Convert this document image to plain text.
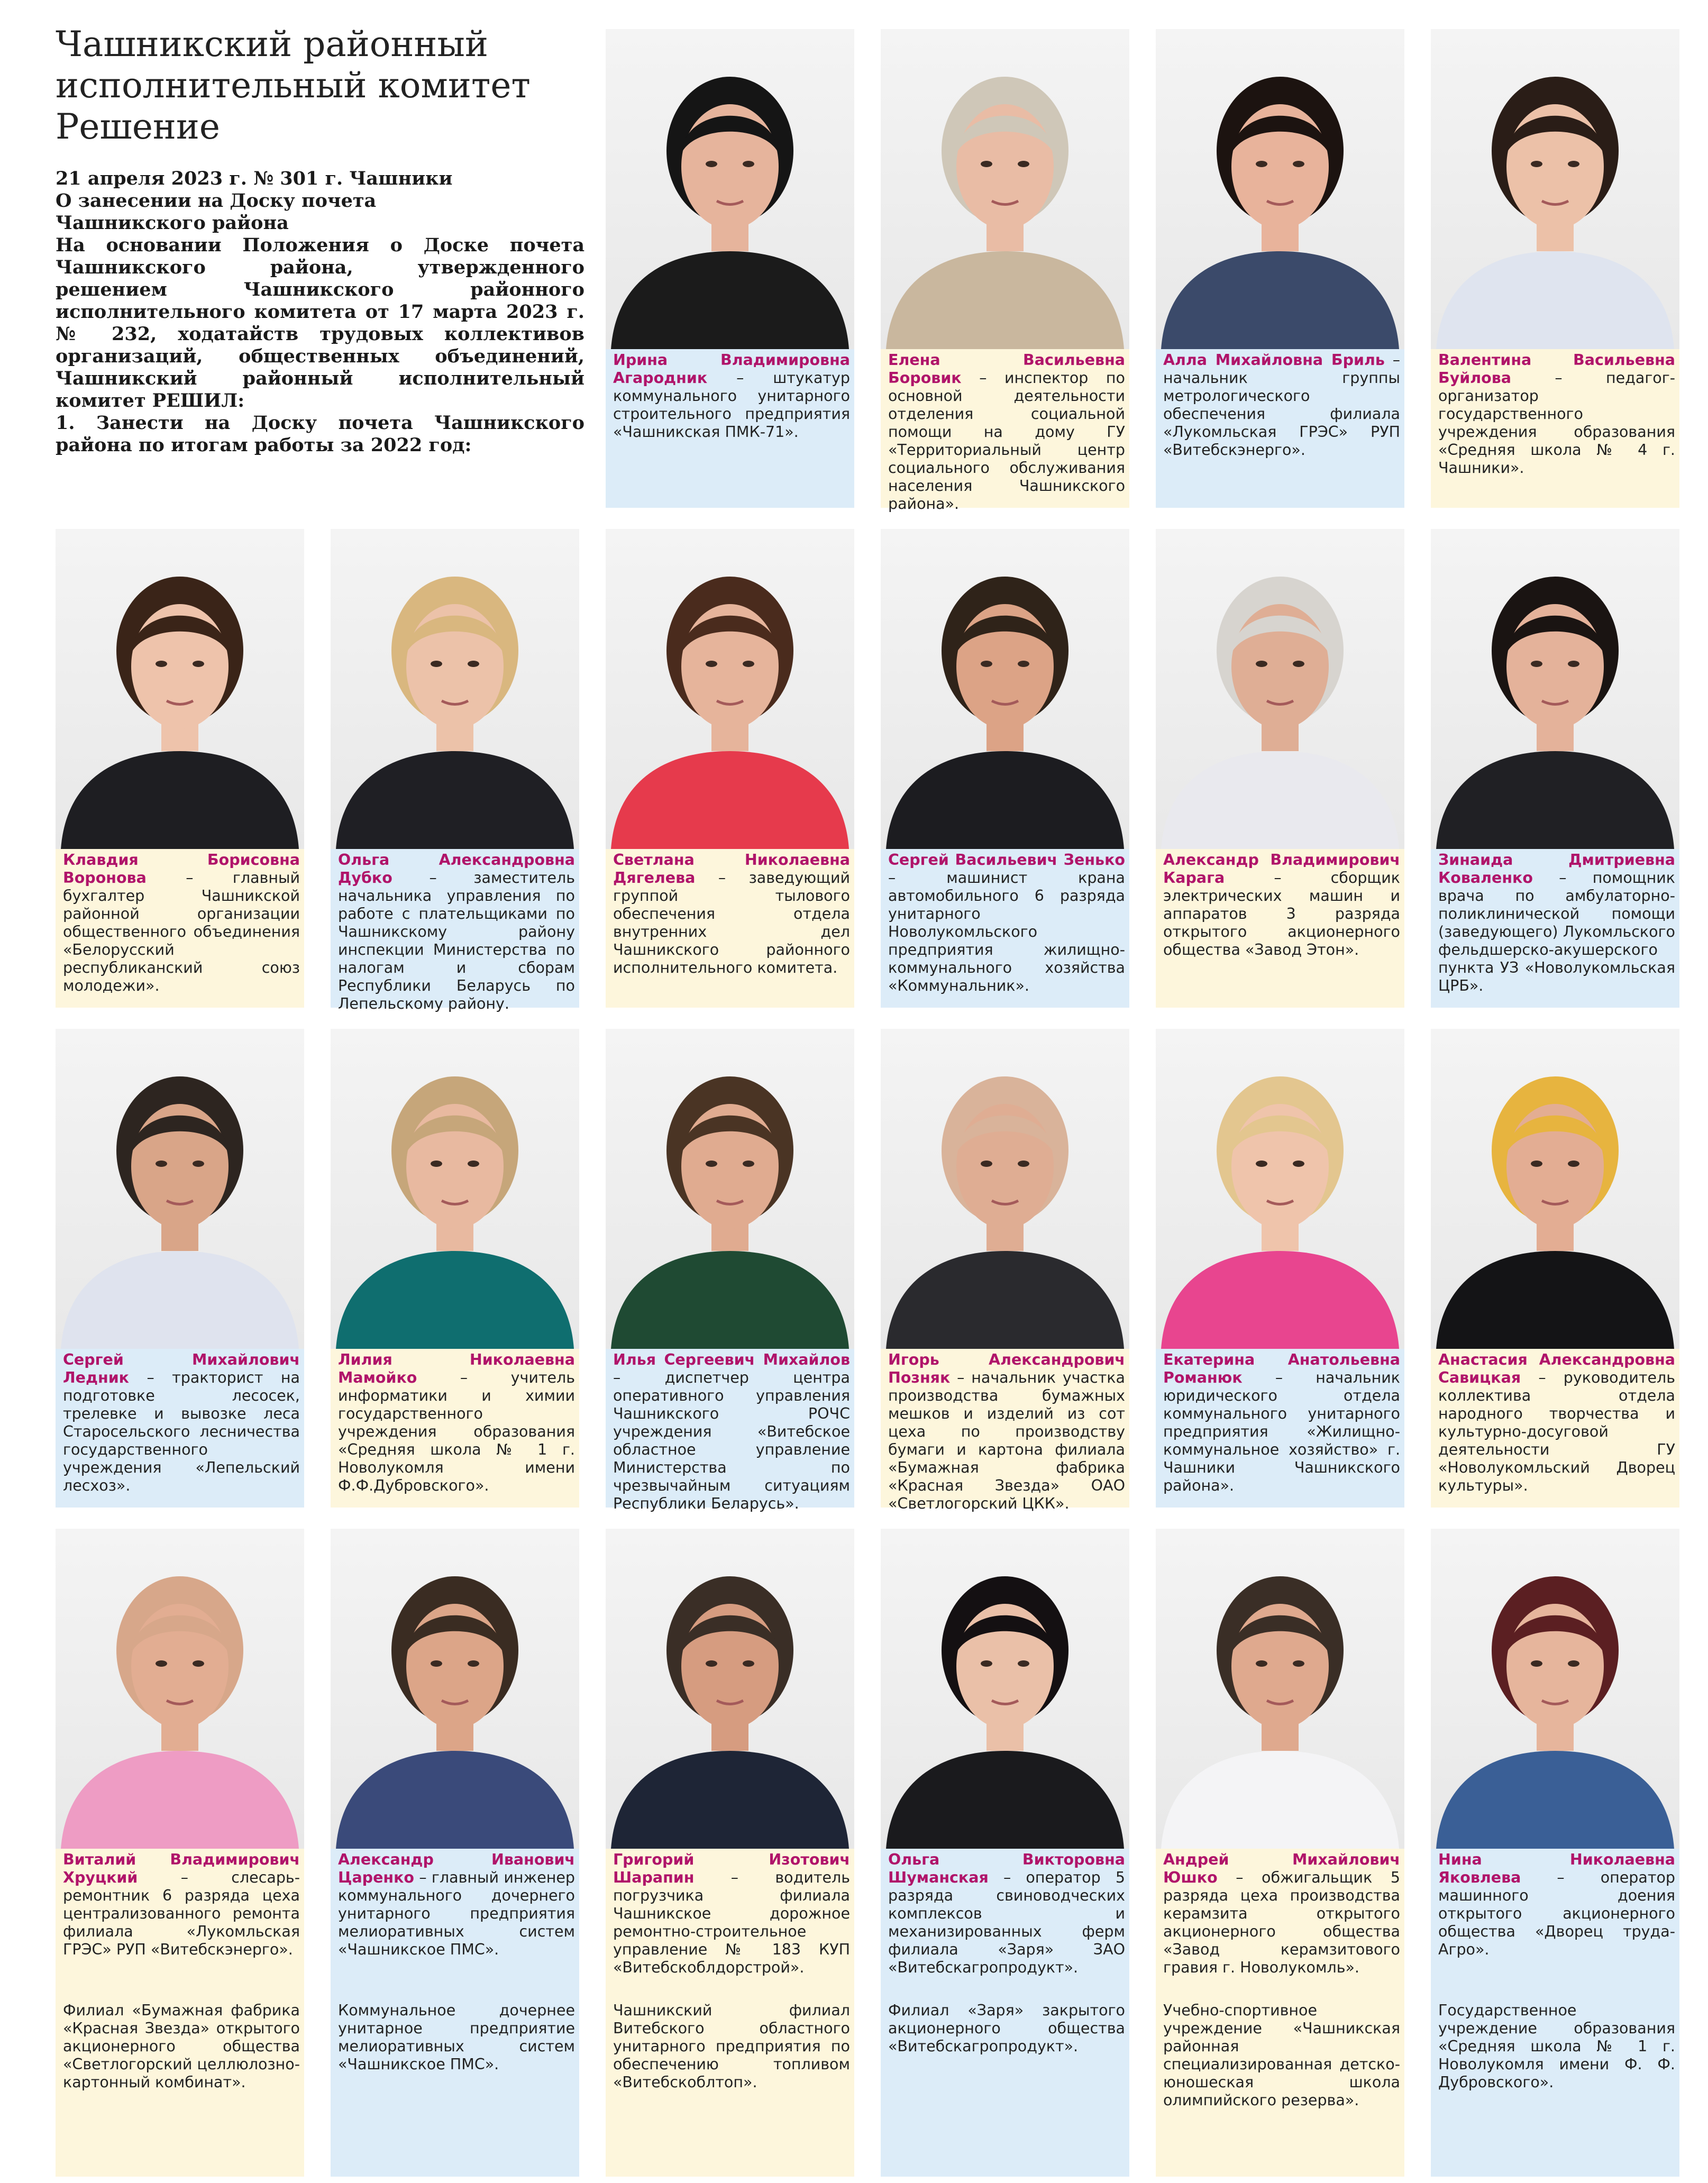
Чашникский районный
исполнительный комитет
Решение

21 апреля 2023 г. № 301 г. Чашники

О занесении на Доску почета

Чашникского района

На основании Положения о Доске почета Чашникского района, утвержденного решением Чашникского районного исполнительного комитета от 17 марта 2023 г. № 232, ходатайств трудовых коллективов организаций, общественных объединений, Чашникский районный исполнительный комитет РЕШИЛ:

1. Занести на Доску почета Чашникского района по итогам работы за 2022 год:

Ирина Владимировна Агародник – штукатур коммунального унитарного строительного предприятия «Чашникская ПМК-71».
Елена Васильевна Боровик – инспектор по основной деятельности отделения социальной помощи на дому ГУ «Территориальный центр социального обслуживания населения Чашникского района».
Алла Михайловна Бриль – начальник группы метрологического обеспечения филиала «Лукомльская ГРЭС» РУП «Витебскэнерго».
Валентина Васильевна Буйлова – педагог-организатор государственного учреждения образования «Средняя школа № 4 г. Чашники».
Клавдия Борисовна Воронова – главный бухгалтер Чашникской районной организации общественного объединения «Белорусский республиканский союз молодежи».
Ольга Александровна Дубко – заместитель начальника управления по работе с плательщиками по Чашникскому району инспекции Министерства по налогам и сборам Республики Беларусь по Лепельскому району.
Светлана Николаевна Дягелева – заведующий группой тылового обеспечения отдела внутренних дел Чашникского районного исполнительного комитета.
Сергей Васильевич Зенько – машинист крана автомобильного 6 разряда унитарного Новолукомльского предприятия жилищно-коммунального хозяйства «Коммунальник».
Александр Владимирович Карага – сборщик электрических машин и аппаратов 3 разряда открытого акционерного общества «Завод Этон».
Зинаида Дмитриевна Коваленко – помощник врача по амбулаторно-поликлинической помощи (заведующего) Лукомльского фельдшерско-акушерского пункта УЗ «Новолукомльская ЦРБ».
Сергей Михайлович Ледник – тракторист на подготовке лесосек, трелевке и вывозке леса Старосельского лесничества государственного учреждения «Лепельский лесхоз».
Лилия Николаевна Мамойко – учитель информатики и химии государственного учреждения образования «Средняя школа № 1 г. Новолукомля имени Ф.Ф.Дубровского».
Илья Сергеевич Михайлов – диспетчер центра оперативного управления Чашникского РОЧС учреждения «Витебское областное управление Министерства по чрезвычайным ситуациям Республики Беларусь».
Игорь Александрович Позняк – начальник участка производства бумажных мешков и изделий из сот цеха по производству бумаги и картона филиала «Бумажная фабрика «Красная Звезда» ОАО «Светлогорский ЦКК».
Екатерина Анатольевна Романюк – начальник юридического отдела коммунального унитарного предприятия «Жилищно-коммунальное хозяйство» г. Чашники Чашникского района».
Анастасия Александровна Савицкая – руководитель коллектива отдела народного творчества и культурно-досуговой деятельности ГУ «Новолукомльский Дворец культуры».
Виталий Владимирович Хруцкий – слесарь-ремонтник 6 разряда цеха централизованного ремонта филиала «Лукомльская ГРЭС» РУП «Витебскэнерго».
Александр Иванович Царенко – главный инженер коммунального дочернего унитарного предприятия мелиоративных систем «Чашникское ПМС».
Григорий Изотович Шарапин – водитель погрузчика филиала Чашникское дорожное ремонтно-строительное управление № 183 КУП «Витебскоблдорстрой».
Ольга Викторовна Шуманская – оператор 5 разряда свиноводческих комплексов и механизированных ферм филиала «Заря» ЗАО «Витебскагропродукт».
Андрей Михайлович Юшко – обжигальщик 5 разряда цеха производства керамзита открытого акционерного общества «Завод керамзитового гравия г. Новолукомль».
Нина Николаевна Яковлева – оператор машинного доения открытого акционерного общества «Дворец труда-Агро».
Филиал «Бумажная фабрика «Красная Звезда» открытого акционерного общества «Светлогорский целлюлозно-картонный комбинат».
Коммунальное дочернее унитарное предприятие мелиоративных систем «Чашникское ПМС».
Чашникский филиал Витебского областного унитарного предприятия по обеспечению топливом «Витебскоблтоп».
Филиал «Заря» закрытого акционерного общества «Витебскагропродукт».
Учебно-спортивное учреждение «Чашникская районная специализированная детско-юношеская школа олимпийского резерва».
Государственное учреждение образования «Средняя школа № 1 г. Новолукомля имени Ф. Ф. Дубровского».
